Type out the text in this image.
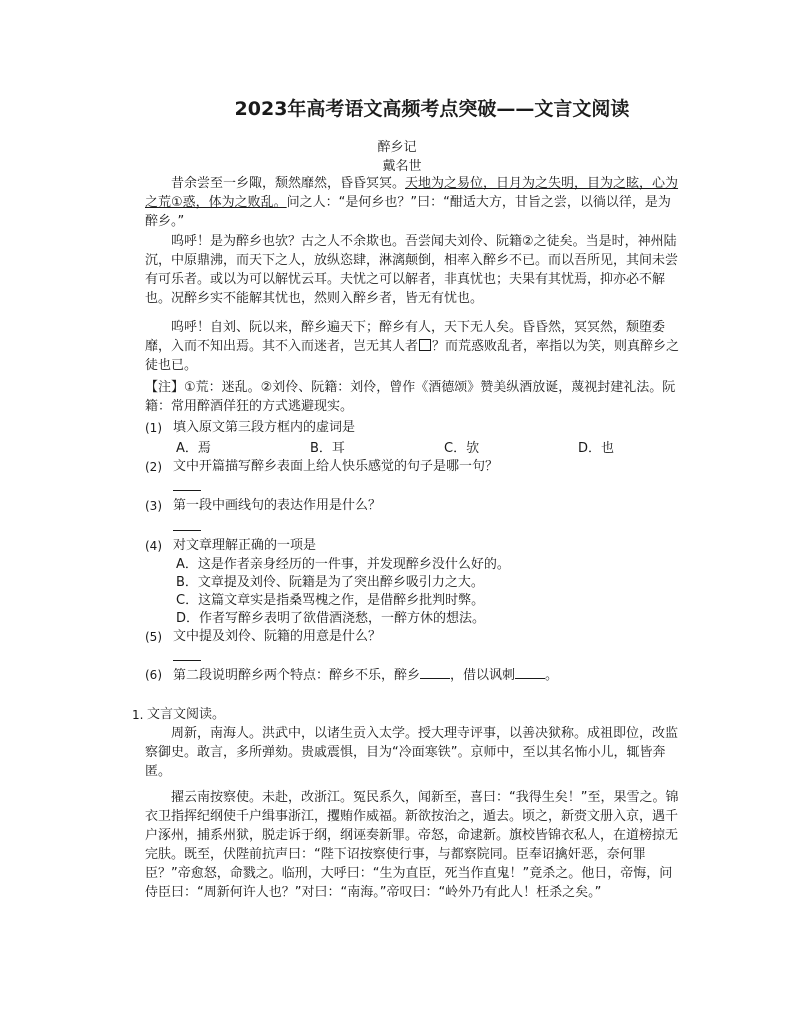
2023年高考语文高频考点突破——文言文阅读
醉乡记
戴名世

昔余尝至一乡陬，颓然靡然，昏昏冥冥。天地为之易位，日月为之失明，目为之眩，心为之荒①惑，体为之败乱。问之人：“是何乡也？”曰：“酣适大方，甘旨之尝，以徜以徉，是为醉乡。”

呜呼！是为醉乡也欤？古之人不余欺也。吾尝闻夫刘伶、阮籍②之徒矣。当是时，神州陆沉，中原鼎沸，而天下之人，放纵恣肆，淋漓颠倒，相率入醉乡不已。而以吾所见，其间未尝有可乐者。或以为可以解忧云耳。夫忧之可以解者，非真忧也；夫果有其忧焉，抑亦必不解也。况醉乡实不能解其忧也，然则入醉乡者，皆无有忧也。

呜呼！自刘、阮以来，醉乡遍天下；醉乡有人，天下无人矣。昏昏然，冥冥然，颓堕委靡，入而不知出焉。其不入而迷者，岂无其人者 ？而荒惑败乱者，率指以为笑，则真醉乡之徒也已。

【注】①荒：迷乱。②刘伶、阮籍：刘伶，曾作《酒德颂》赞美纵酒放诞，蔑视封建礼法。阮籍：常用醉酒佯狂的方式逃避现实。

(1) 填入原文第三段方框内的虚词是
A．焉	B．耳	C．欤	D．也
(2) 文中开篇描写醉乡表面上给人快乐感觉的句子是哪一句？
(3) 第一段中画线句的表达作用是什么？
(4) 对文章理解正确的一项是
A．这是作者亲身经历的一件事，并发现醉乡没什么好的。
B．文章提及刘伶、阮籍是为了突出醉乡吸引力之大。
C．这篇文章实是指桑骂槐之作，是借醉乡批判时弊。
D．作者写醉乡表明了欲借酒浇愁，一醉方休的想法。
(5) 文中提及刘伶、阮籍的用意是什么？
(6) 第二段说明醉乡两个特点：醉乡不乐，醉乡 ，借以讽刺 。
1. 文言文阅读。

周新，南海人。洪武中，以诸生贡入太学。授大理寺评事，以善决狱称。成祖即位，改监察御史。敢言，多所弹劾。贵戚震惧，目为“冷面寒铁”。京师中，至以其名怖小儿，辄皆奔匿。

擢云南按察使。未赴，改浙江。冤民系久，闻新至，喜曰：“我得生矣！”至，果雪之。锦衣卫指挥纪纲使千户缉事浙江，攫贿作威福。新欲按治之，遁去。顷之，新赍文册入京，遇千户涿州，捕系州狱，脱走诉于纲，纲诬奏新罪。帝怒，命逮新。旗校皆锦衣私人，在道榜掠无完肤。既至，伏陛前抗声曰：“陛下诏按察使行事，与都察院同。臣奉诏擒奸恶，奈何罪臣？”帝愈怒，命戮之。临刑，大呼曰：“生为直臣，死当作直鬼！”竟杀之。他日，帝悔，问侍臣曰：“周新何许人也？”对曰：“南海。”帝叹曰：“岭外乃有此人！枉杀之矣。”
